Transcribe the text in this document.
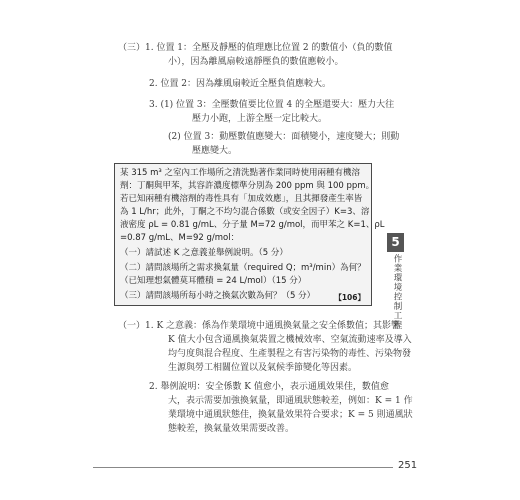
（三）1. 位置 1：全壓及靜壓的值理應比位置 2 的數值小（負的數值
小），因為離風扇較遠靜壓負的數值應較小。
2. 位置 2：因為離風扇較近全壓負值應較大。
3. (1) 位置 3：全壓數值要比位置 4 的全壓還要大：壓力大往
壓力小跑，上游全壓一定比較大。
(2) 位置 3：動壓數值應變大：面積變小，速度變大；則動
壓應變大。
某 315 m³ 之室內工作場所之清洗點著作業同時使用兩種有機溶
劑：丁酮與甲苯，其容許濃度標準分別為 200 ppm 與 100 ppm。
若已知兩種有機溶劑的毒性具有「加成效應」，且其揮發產生率皆
為 1 L/hr；此外，丁酮之不均匀混合係數（或安全因子）K=3、溶
液密度 ρL = 0.81 g/mL、分子量 M=72 g/mol，而甲苯之 K=1、ρL
=0.87 g/mL、M=92 g/mol：
（一）請試述 K 之意義並舉例說明。（5 分）
（二）請問該場所之需求換氣量（required Q；m³/min）為何？
（已知理想氣體莫耳體積 = 24 L/mol）（15 分）
（三）請問該場所每小時之換氣次數為何？（5 分）	【106】
（一）1. K 之意義：係為作業環境中通風換氣量之安全係數值；其影響
K 值大小包含通風換氣裝置之機械效率、空氣流動速率及導入
均勻度與混合程度、生產製程之有害污染物的毒性、污染物發
生源與勞工相關位置以及氣候季節變化等因素。
2. 舉例說明：安全係數 K 值愈小，表示通風效果佳，數值愈
大，表示需要加強換氣量，即通風狀態較差，例如：K = 1 作
業環境中通風狀態佳，換氣量效果符合要求；K = 5 則通風狀
態較差，換氣量效果需要改善。
5
作業環境控制工程
251
